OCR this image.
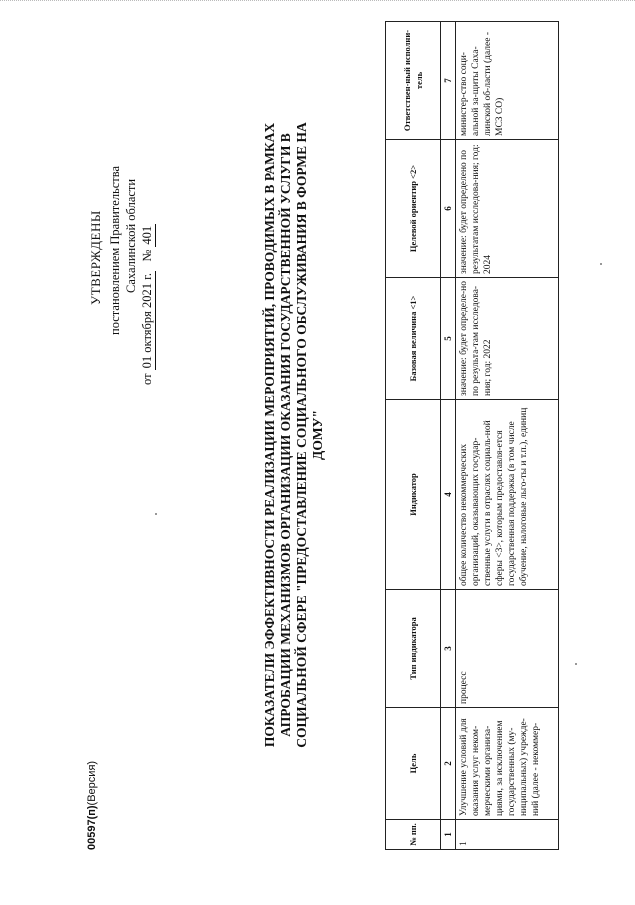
УТВЕРЖДЕНЫ постановлением Правительства Сахалинской области
от 01 октября 2021 г.   № 401	ПОКАЗАТЕЛИ ЭФФЕКТИВНОСТИ РЕАЛИЗАЦИИ МЕРОПРИЯТИЙ, ПРОВОДИМЫХ В РАМКАХ АПРОБАЦИИ МЕХАНИЗМОВ ОРГАНИЗАЦИИ ОКАЗАНИЯ ГОСУДАРСТВЕННОЙ УСЛУГИ В СОЦИАЛЬНОЙ СФЕРЕ "ПРЕДОСТАВЛЕНИЕ СОЦИАЛЬНОГО ОБСЛУЖИВАНИЯ В ФОРМЕ НА ДОМУ"
№ пп.	Цель	Тип индикатора	Индикатор	Базовая величина <1>	Целевой ориентир <2>	Ответствен-ный исполни-тель
1	2	3	4	5	6	7
1	Улучшение условий для оказания услуг неком-мерческими организа-циями, за исключением государственных (му-ниципальных) учрежде-ний (далее - некоммер-	процесс	общее количество некоммерческих организаций, оказывающих государ-ственные услуги в отраслях социаль-ной сферы <3>, которым предоставля-ется государственная поддержка (в том числе обучение, налоговые льго-ты и т.п.), единиц	значение: будет определе-но по результа-там исследова-ния; год: 2022	значение: будет определено по результатам исследова-ния; год: 2024	министер-ство соци-альной за-щиты Саха-линской об-ласти (далее - МСЗ СО)
00597(п)(Версия)
